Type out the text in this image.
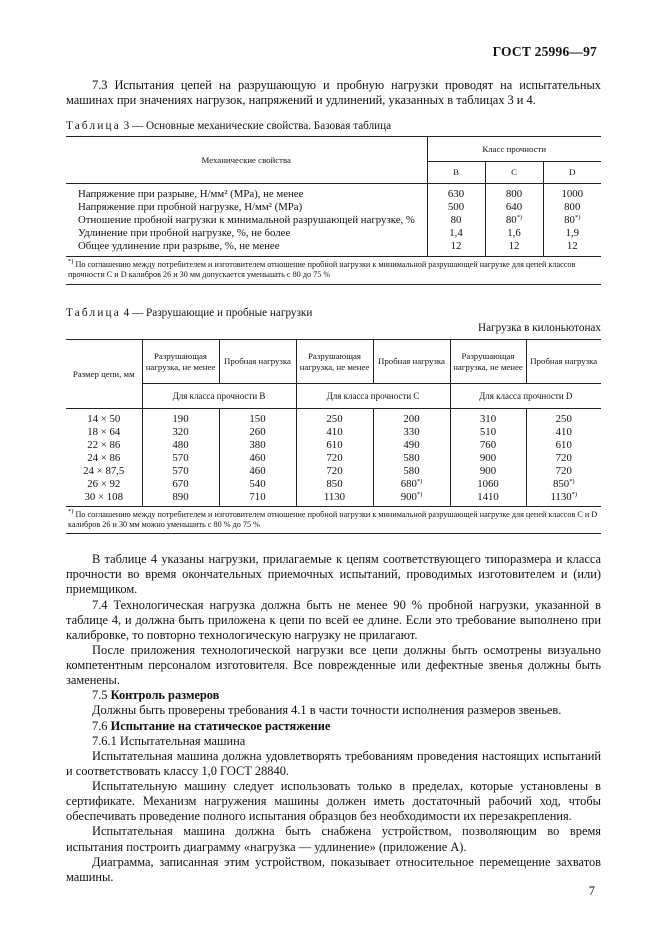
ГОСТ 25996—97

7.3 Испытания цепей на разрушающую и пробную нагрузки проводят на испытательных машинах при значениях нагрузок, напряжений и удлинений, указанных в таблицах 3 и 4.

Таблица 3 — Основные механические свойства. Базовая таблица

Механические свойства	Класс прочности		
	B	C	D
Напряжение при разрыве, Н/мм² (МРа), не менее	630	800	1000
Напряжение при пробной нагрузке, Н/мм² (МРа)	500	640	800
Отношение пробной нагрузки к минимальной разрушающей нагрузке, %	80	80*)	80*)
Удлинение при пробной нагрузке, %, не более	1,4	1,6	1,9
Общее удлинение при разрыве, %, не менее	12	12	12
*) По соглашению между потребителем и изготовителем отношение пробной нагрузки к минимальной разрушающей нагрузке для цепей классов прочности С и D калибров 26 и 30 мм допускается уменьшать с 80 до 75 %			

Таблица 4 — Разрушающие и пробные нагрузки

Нагрузка в килоньютонах

Размер цепи, мм	Разрушающая нагрузка, не менее	Пробная нагрузка	Разрушающая нагрузка, не менее	Пробная нагрузка	Разрушающая нагрузка, не менее	Пробная нагрузка
	Для класса прочности В		Для класса прочности С		Для класса прочности D	
14 × 50	190	150	250	200	310	250
18 × 64	320	260	410	330	510	410
22 × 86	480	380	610	490	760	610
24 × 86	570	460	720	580	900	720
24 × 87,5	570	460	720	580	900	720
26 × 92	670	540	850	680*)	1060	850*)
30 × 108	890	710	1130	900*)	1410	1130*)
*) По соглашению между потребителем и изготовителем отношение пробной нагрузки к минимальной разрушающей нагрузке для цепей классов С и D калибров 26 и 30 мм можно уменьшить с 80 % до 75 %						

В таблице 4 указаны нагрузки, прилагаемые к цепям соответствующего типоразмера и класса прочности во время окончательных приемочных испытаний, проводимых изготовителем и (или) приемщиком.

7.4 Технологическая нагрузка должна быть не менее 90 % пробной нагрузки, указанной в таблице 4, и должна быть приложена к цепи по всей ее длине. Если это требование выполнено при калибровке, то повторно технологическую нагрузку не прилагают.

После приложения технологической нагрузки все цепи должны быть осмотрены визуально компетентным персоналом изготовителя. Все поврежденные или дефектные звенья должны быть заменены.

7.5 Контроль размеров

Должны быть проверены требования 4.1 в части точности исполнения размеров звеньев.

7.6 Испытание на статическое растяжение

7.6.1 Испытательная машина

Испытательная машина должна удовлетворять требованиям проведения настоящих испытаний и соответствовать классу 1,0 ГОСТ 28840.

Испытательную машину следует использовать только в пределах, которые установлены в сертификате. Механизм нагружения машины должен иметь достаточный рабочий ход, чтобы обеспечивать проведение полного испытания образцов без необходимости их перезакрепления.

Испытательная машина должна быть снабжена устройством, позволяющим во время испытания построить диаграмму «нагрузка — удлинение» (приложение А).

Диаграмма, записанная этим устройством, показывает относительное перемещение захватов машины.

7
